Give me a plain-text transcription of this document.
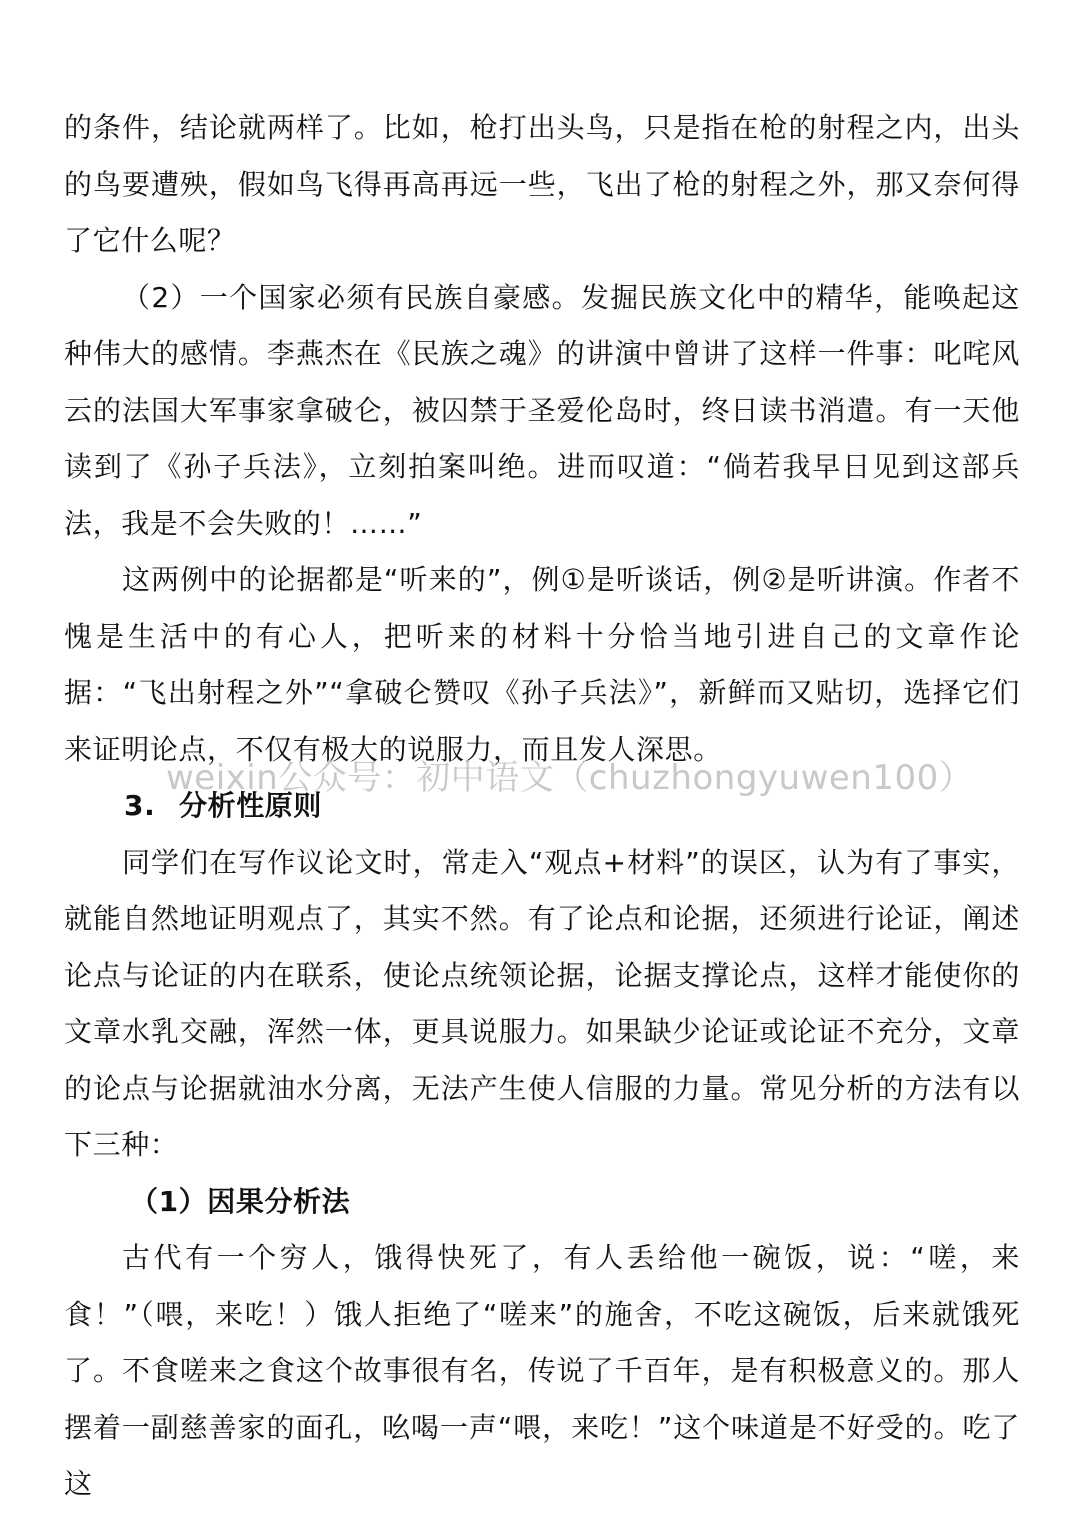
的条件，结论就两样了。比如，枪打出头鸟，只是指在枪的射程之内，出头的鸟要遭殃，假如鸟飞得再高再远一些，飞出了枪的射程之外，那又奈何得了它什么呢？

（2）一个国家必须有民族自豪感。发掘民族文化中的精华，能唤起这种伟大的感情。李燕杰在《民族之魂》的讲演中曾讲了这样一件事：叱咤风云的法国大军事家拿破仑，被囚禁于圣爱伦岛时，终日读书消遣。有一天他读到了《孙子兵法》，立刻拍案叫绝。进而叹道：“倘若我早日见到这部兵法，我是不会失败的！……”

这两例中的论据都是“听来的”，例①是听谈话，例②是听讲演。作者不愧是生活中的有心人，把听来的材料十分恰当地引进自己的文章作论据：“飞出射程之外”“拿破仑赞叹《孙子兵法》”，新鲜而又贴切，选择它们来证明论点，不仅有极大的说服力，而且发人深思。

3. 分析性原则

同学们在写作议论文时，常走入“观点+材料”的误区，认为有了事实，就能自然地证明观点了，其实不然。有了论点和论据，还须进行论证，阐述论点与论证的内在联系，使论点统领论据，论据支撑论点，这样才能使你的文章水乳交融，浑然一体，更具说服力。如果缺少论证或论证不充分，文章的论点与论据就油水分离，无法产生使人信服的力量。常见分析的方法有以下三种：

（1）因果分析法

古代有一个穷人，饿得快死了，有人丢给他一碗饭，说：“嗟，来食！”（喂，来吃！）饿人拒绝了“嗟来”的施舍，不吃这碗饭，后来就饿死了。不食嗟来之食这个故事很有名，传说了千百年，是有积极意义的。那人摆着一副慈善家的面孔，吆喝一声“喂，来吃！”这个味道是不好受的。吃了这

weixin公众号：初中语文（chuzhongyuwen100）
